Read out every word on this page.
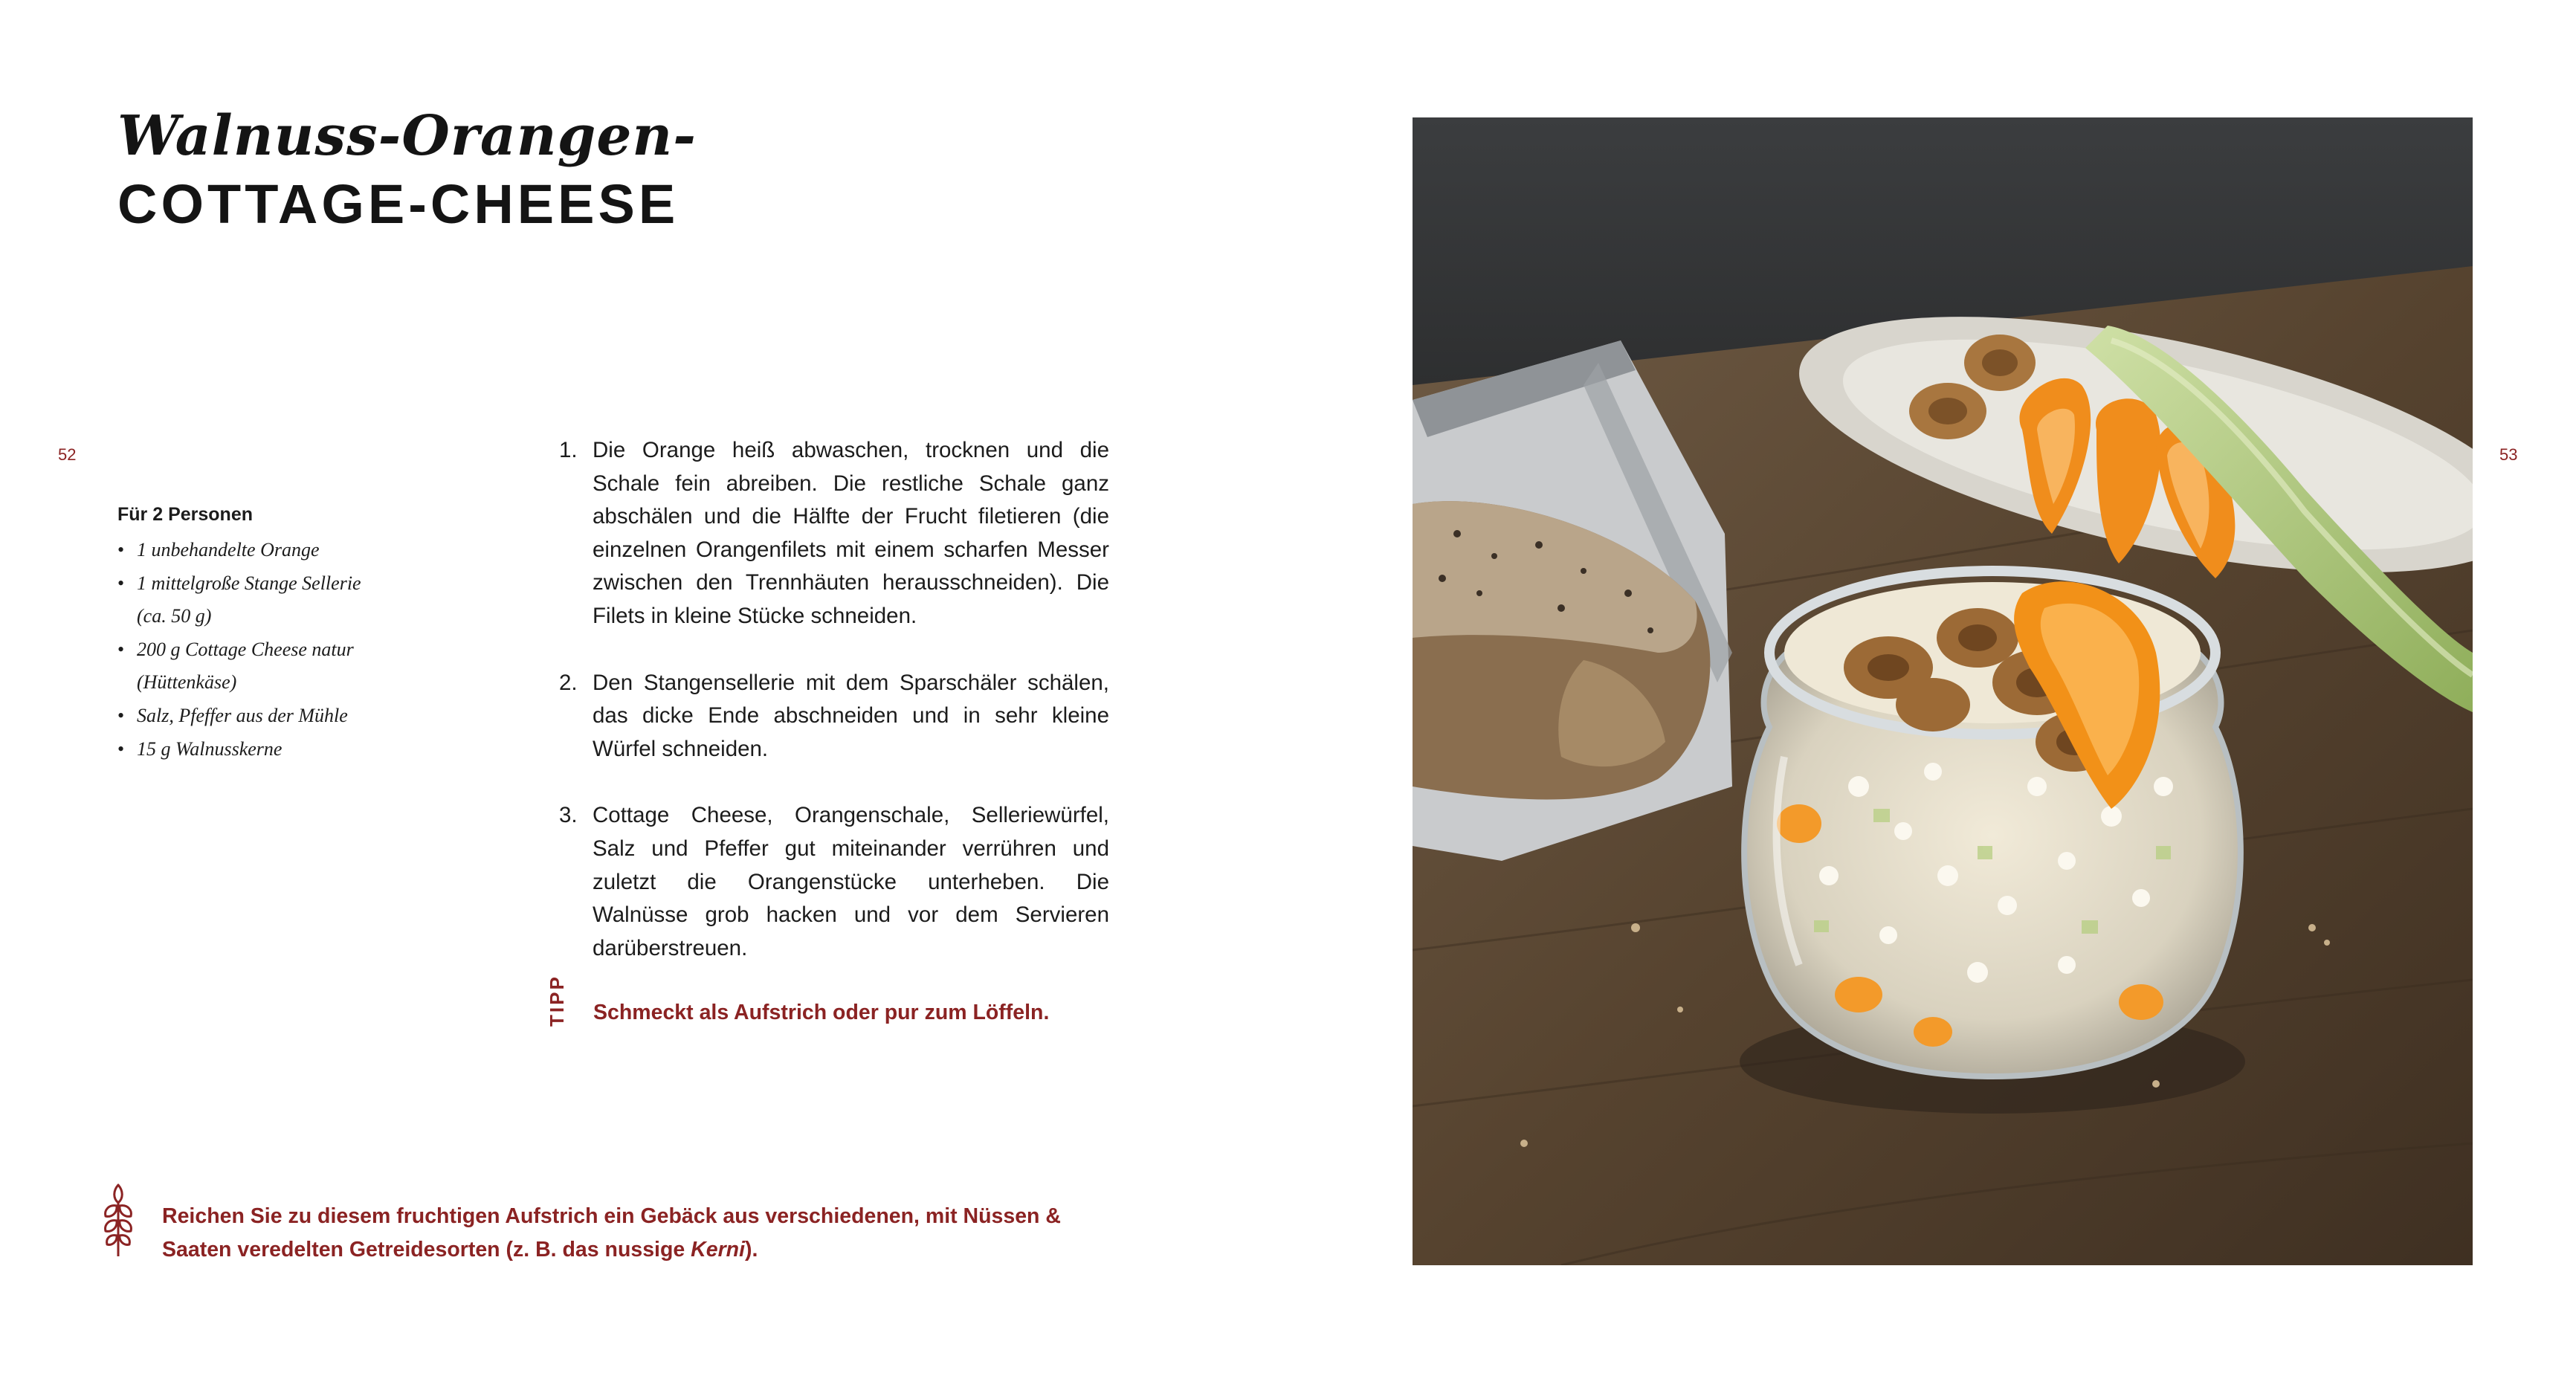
Walnuss-Orangen-
COTTAGE-CHEESE
52	53
Für 2 Personen
• 1 unbehandelte Orange
• 1 mittelgroße Stange Sellerie
(ca. 50 g)
• 200 g Cottage Cheese natur
(Hüttenkäse)
• Salz, Pfeffer aus der Mühle
• 15 g Walnusskerne
1. Die Orange heiß abwaschen, trocknen und die Schale fein abreiben. Die restliche Schale ganz abschälen und die Hälfte der Frucht filetieren (die einzelnen Orangenfilets mit einem scharfen Messer zwischen den Trennhäuten herausschneiden). Die Filets in kleine Stücke schneiden.
2. Den Stangensellerie mit dem Sparschäler schälen, das dicke Ende abschneiden und in sehr kleine Würfel schneiden.
3. Cottage Cheese, Orangenschale, Selleriewürfel, Salz und Pfeffer gut miteinander verrühren und zuletzt die Orangenstücke unterheben. Die Walnüsse grob hacken und vor dem Servieren darüberstreuen.
TIPP Schmeckt als Aufstrich oder pur zum Löffeln.
Reichen Sie zu diesem fruchtigen Aufstrich ein Gebäck aus verschiedenen, mit Nüssen & Saaten veredelten Getreidesorten (z. B. das nussige Kerni).
